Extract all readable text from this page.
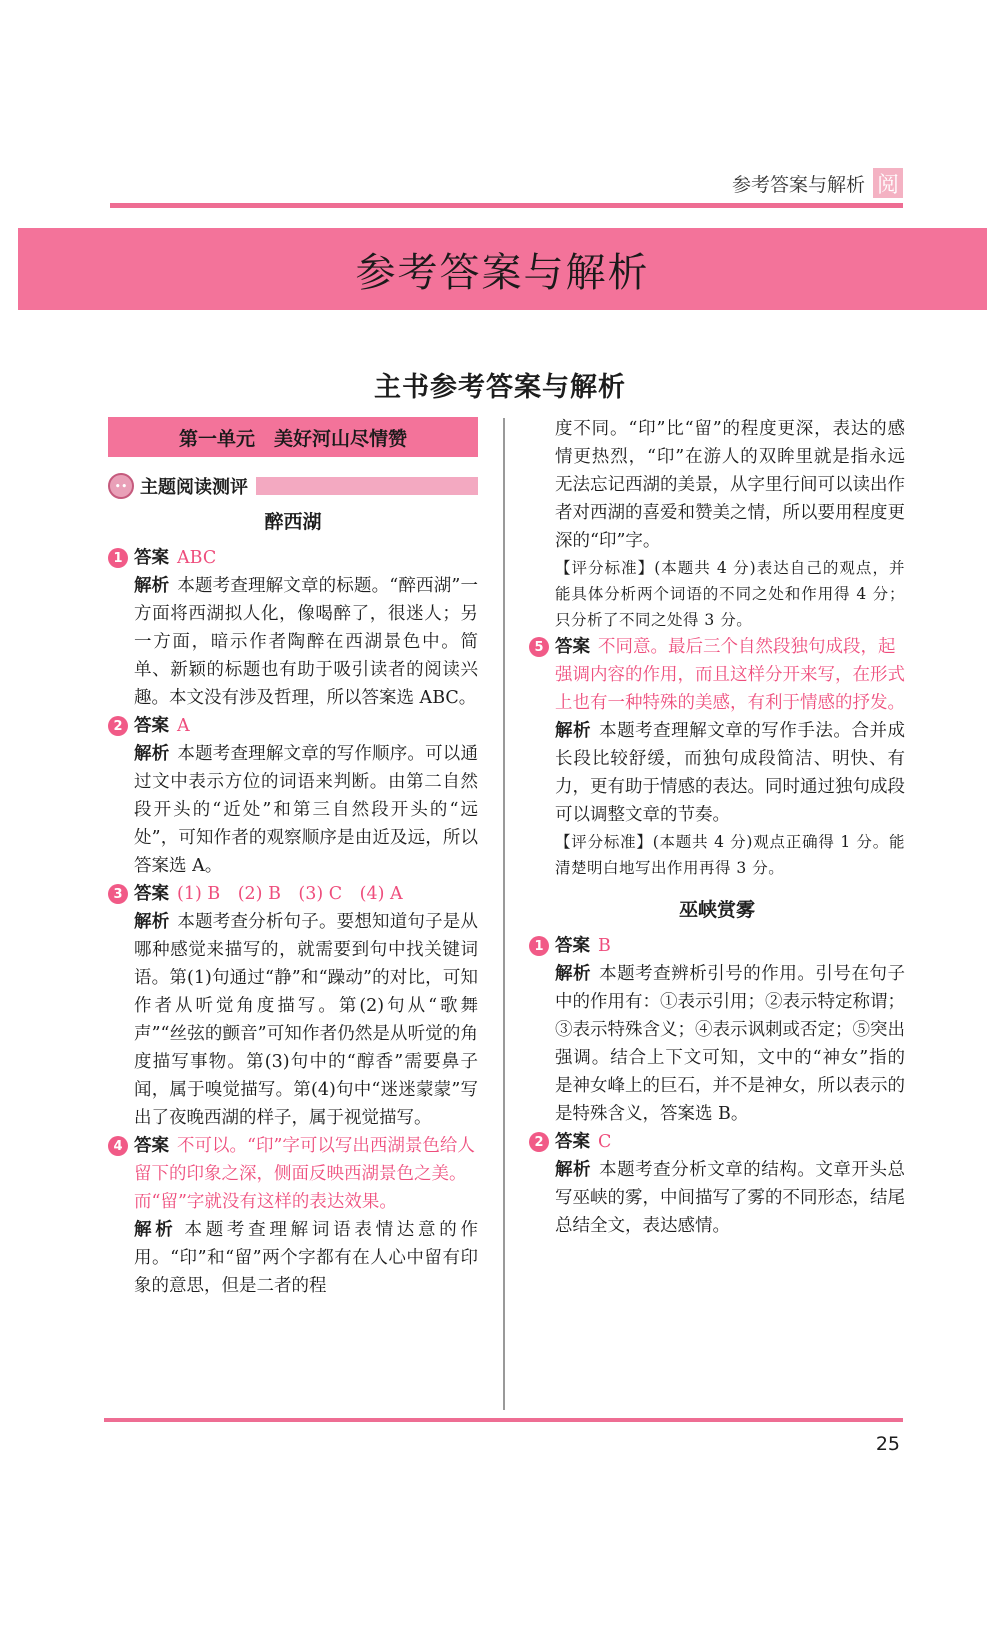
参考答案与解析 阅
参考答案与解析
主书参考答案与解析
第一单元　美好河山尽情赞
•• 主题阅读测评
醉西湖
1 答案 ABC
解析 本题考查理解文章的标题。“醉西湖”一方面将西湖拟人化，像喝醉了，很迷人；另一方面，暗示作者陶醉在西湖景色中。简单、新颖的标题也有助于吸引读者的阅读兴趣。本文没有涉及哲理，所以答案选 ABC。
2 答案 A
解析 本题考查理解文章的写作顺序。可以通过文中表示方位的词语来判断。由第二自然段开头的“近处”和第三自然段开头的“远处”，可知作者的观察顺序是由近及远，所以答案选 A。
3 答案 (1) B　(2) B　(3) C　(4) A
解析 本题考查分析句子。要想知道句子是从哪种感觉来描写的，就需要到句中找关键词语。第(1)句通过“静”和“躁动”的对比，可知作者从听觉角度描写。第(2)句从“歌舞声”“丝弦的颤音”可知作者仍然是从听觉的角度描写事物。第(3)句中的“醇香”需要鼻子闻，属于嗅觉描写。第(4)句中“迷迷蒙蒙”写出了夜晚西湖的样子，属于视觉描写。
4 答案 不可以。“印”字可以写出西湖景色给人留下的印象之深，侧面反映西湖景色之美。而“留”字就没有这样的表达效果。
解析 本题考查理解词语表情达意的作用。“印”和“留”两个字都有在人心中留有印象的意思，但是二者的程
度不同。“印”比“留”的程度更深，表达的感情更热烈，“印”在游人的双眸里就是指永远无法忘记西湖的美景，从字里行间可以读出作者对西湖的喜爱和赞美之情，所以要用程度更深的“印”字。
【评分标准】(本题共 4 分)表达自己的观点，并能具体分析两个词语的不同之处和作用得 4 分；只分析了不同之处得 3 分。
5 答案 不同意。最后三个自然段独句成段，起强调内容的作用，而且这样分开来写，在形式上也有一种特殊的美感，有利于情感的抒发。
解析 本题考查理解文章的写作手法。合并成长段比较舒缓，而独句成段简洁、明快、有力，更有助于情感的表达。同时通过独句成段可以调整文章的节奏。
【评分标准】(本题共 4 分)观点正确得 1 分。能清楚明白地写出作用再得 3 分。
巫峡赏雾
1 答案 B
解析 本题考查辨析引号的作用。引号在句子中的作用有：①表示引用；②表示特定称谓；③表示特殊含义；④表示讽刺或否定；⑤突出强调。结合上下文可知，文中的“神女”指的是神女峰上的巨石，并不是神女，所以表示的是特殊含义，答案选 B。
2 答案 C
解析 本题考查分析文章的结构。文章开头总写巫峡的雾，中间描写了雾的不同形态，结尾总结全文，表达感情。
25
